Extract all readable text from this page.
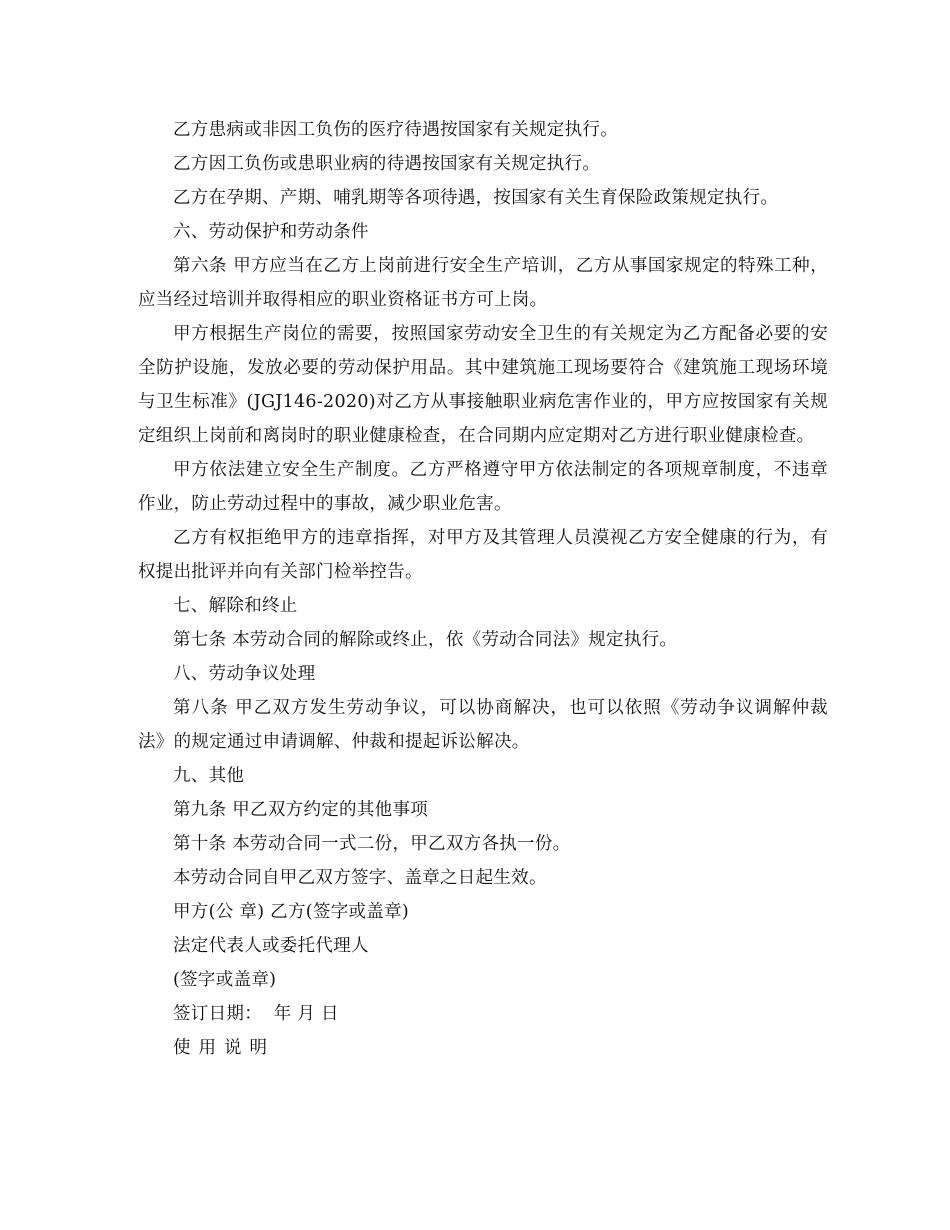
乙方患病或非因工负伤的医疗待遇按国家有关规定执行。

乙方因工负伤或患职业病的待遇按国家有关规定执行。

乙方在孕期、产期、哺乳期等各项待遇，按国家有关生育保险政策规定执行。

六、劳动保护和劳动条件

第六条 甲方应当在乙方上岗前进行安全生产培训，乙方从事国家规定的特殊工种，应当经过培训并取得相应的职业资格证书方可上岗。

甲方根据生产岗位的需要，按照国家劳动安全卫生的有关规定为乙方配备必要的安全防护设施，发放必要的劳动保护用品。其中建筑施工现场要符合《建筑施工现场环境与卫生标准》(JGJ146-2020)对乙方从事接触职业病危害作业的，甲方应按国家有关规定组织上岗前和离岗时的职业健康检查，在合同期内应定期对乙方进行职业健康检查。

甲方依法建立安全生产制度。乙方严格遵守甲方依法制定的各项规章制度，不违章作业，防止劳动过程中的事故，减少职业危害。

乙方有权拒绝甲方的违章指挥，对甲方及其管理人员漠视乙方安全健康的行为，有权提出批评并向有关部门检举控告。

七、解除和终止

第七条 本劳动合同的解除或终止，依《劳动合同法》规定执行。

八、劳动争议处理

第八条 甲乙双方发生劳动争议，可以协商解决，也可以依照《劳动争议调解仲裁法》的规定通过申请调解、仲裁和提起诉讼解决。

九、其他

第九条 甲乙双方约定的其他事项

第十条 本劳动合同一式二份，甲乙双方各执一份。

本劳动合同自甲乙双方签字、盖章之日起生效。

甲方(公 章) 乙方(签字或盖章)

法定代表人或委托代理人

(签字或盖章)

签订日期：  年 月 日

使用说明
